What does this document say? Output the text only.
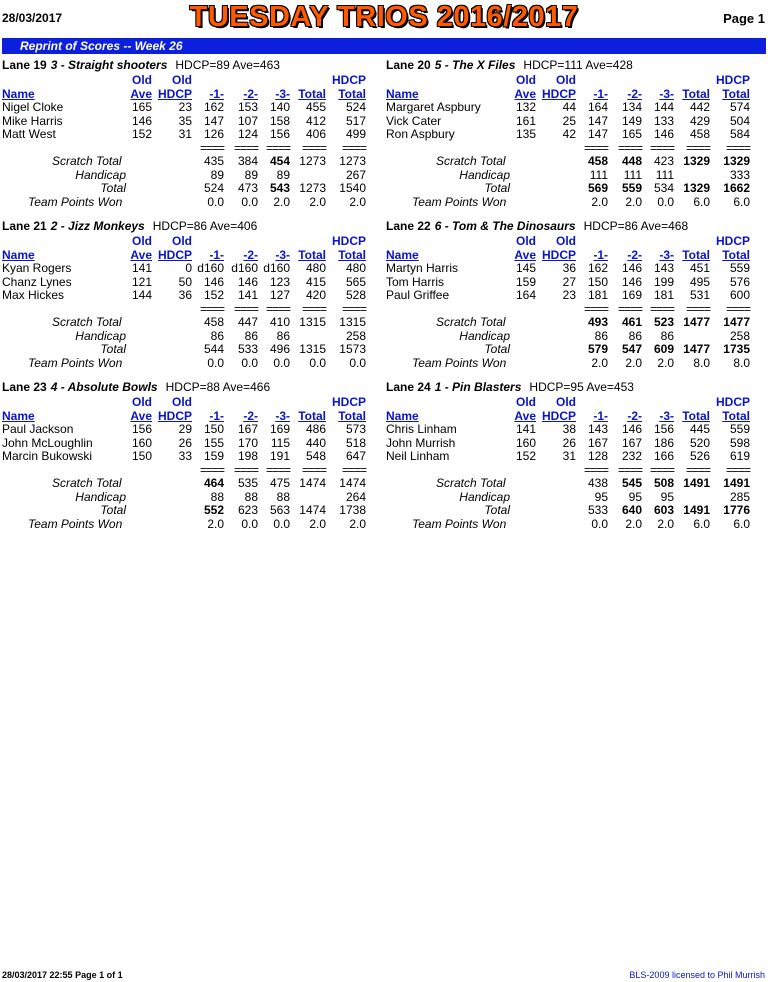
28/03/2017	TUESDAY TRIOS 2016/2017	Page 1
Reprint of Scores -- Week 26
Lane 19 3 - Straight shooters HDCP=89 Ave=463
Old Old	HDCP
Name	Ave HDCP -1- -2- -3- Total Total
Nigel Cloke	165 23 162 153 140 455 524
Mike Harris	146 35 147 107 158 412 517
Matt West	152 31 126 124 156 406 499
==== ==== ==== ==== ====
Scratch Total	435 384 454 1273 1273
Handicap	89 89 89	267
Total	524 473 543 1273 1540
Team Points Won	0.0 0.0 2.0 2.0 2.0
Lane 20 5 - The X Files HDCP=111 Ave=428
Old Old	HDCP
Name	Ave HDCP -1- -2- -3- Total Total
Margaret Aspbury	132 44 164 134 144 442 574
Vick Cater	161 25 147 149 133 429 504
Ron Aspbury	135 42 147 165 146 458 584
==== ==== ==== ==== ====
Scratch Total	458 448 423 1329 1329
Handicap	111 111 111	333
Total	569 559 534 1329 1662
Team Points Won	2.0 2.0 0.0 6.0 6.0
Lane 21 2 - Jizz Monkeys HDCP=86 Ave=406
Old Old	HDCP
Name	Ave HDCP -1- -2- -3- Total Total
Kyan Rogers	141	0 d160 d160 d160 480 480
Chanz Lynes	121 50 146 146 123 415 565
Max Hickes	144 36 152 141 127 420 528
==== ==== ==== ==== ====
Scratch Total	458 447 410 1315 1315
Handicap	86 86 86	258
Total	544 533 496 1315 1573
Team Points Won	0.0 0.0 0.0 0.0 0.0
Lane 22 6 - Tom & The Dinosaurs HDCP=86 Ave=468
Old Old	HDCP
Name	Ave HDCP -1- -2- -3- Total Total
Martyn Harris	145 36 162 146 143 451 559
Tom Harris	159 27 150 146 199 495 576
Paul Griffee	164 23 181 169 181 531 600
==== ==== ==== ==== ====
Scratch Total	493 461 523 1477 1477
Handicap	86 86 86	258
Total	579 547 609 1477 1735
Team Points Won	2.0 2.0 2.0 8.0 8.0
Lane 23 4 - Absolute Bowls HDCP=88 Ave=466
Old Old	HDCP
Name	Ave HDCP -1- -2- -3- Total Total
Paul Jackson	156 29 150 167 169 486 573
John McLoughlin	160 26 155 170 115 440 518
Marcin Bukowski	150 33 159 198 191 548 647
==== ==== ==== ==== ====
Scratch Total	464 535 475 1474 1474
Handicap	88 88 88	264
Total	552 623 563 1474 1738
Team Points Won	2.0 0.0 0.0 2.0 2.0
Lane 24 1 - Pin Blasters HDCP=95 Ave=453
Old Old	HDCP
Name	Ave HDCP -1- -2- -3- Total Total
Chris Linham	141 38 143 146 156 445 559
John Murrish	160 26 167 167 186 520 598
Neil Linham	152 31 128 232 166 526 619
==== ==== ==== ==== ====
Scratch Total	438 545 508 1491 1491
Handicap	95 95 95	285
Total	533 640 603 1491 1776
Team Points Won	0.0 2.0 2.0 6.0 6.0
28/03/2017 22:55 Page 1 of 1	BLS-2009 licensed to Phil Murrish
